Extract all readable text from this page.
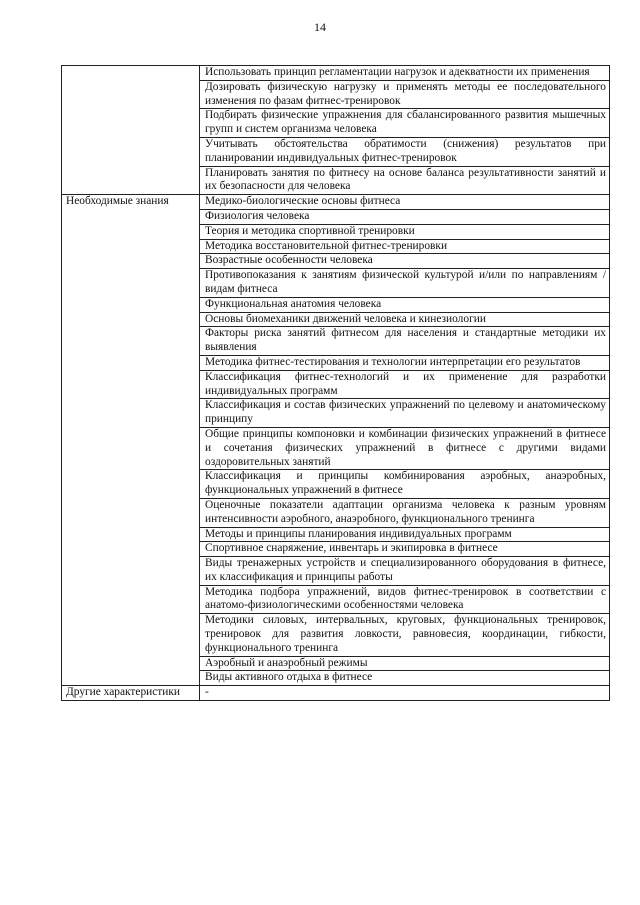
14
	Использовать принцип регламентации нагрузок и адекватности их применения
	Дозировать физическую нагрузку и применять методы ее последовательного изменения по фазам фитнес-тренировок
	Подбирать физические упражнения для сбалансированного развития мышечных групп и систем организма человека
	Учитывать обстоятельства обратимости (снижения) результатов при планировании индивидуальных фитнес-тренировок
	Планировать занятия по фитнесу на основе баланса результативности занятий и их безопасности для человека
Необходимые знания	Медико-биологические основы фитнеса
	Физиология человека
	Теория и методика спортивной тренировки
	Методика восстановительной фитнес-тренировки
	Возрастные особенности человека
	Противопоказания к занятиям физической культурой и/или по направлениям / видам фитнеса
	Функциональная анатомия человека
	Основы биомеханики движений человека и кинезиологии
	Факторы риска занятий фитнесом для населения и стандартные методики их выявления
	Методика фитнес-тестирования и технологии интерпретации его результатов
	Классификация фитнес-технологий и их применение для разработки индивидуальных программ
	Классификация и состав физических упражнений по целевому и анатомическому принципу
	Общие принципы компоновки и комбинации физических упражнений в фитнесе и сочетания физических упражнений в фитнесе с другими видами оздоровительных занятий
	Классификация и принципы комбинирования аэробных, анаэробных, функциональных упражнений в фитнесе
	Оценочные показатели адаптации организма человека к разным уровням интенсивности аэробного, анаэробного, функционального тренинга
	Методы и принципы планирования индивидуальных программ
	Спортивное снаряжение, инвентарь и экипировка в фитнесе
	Виды тренажерных устройств и специализированного оборудования в фитнесе, их классификация и принципы работы
	Методика подбора упражнений, видов фитнес-тренировок в соответствии с анатомо-физиологическими особенностями человека
	Методики силовых, интервальных, круговых, функциональных тренировок, тренировок для развития ловкости, равновесия, координации, гибкости, функционального тренинга
	Аэробный и анаэробный режимы
	Виды активного отдыха в фитнесе
Другие характеристики	-
